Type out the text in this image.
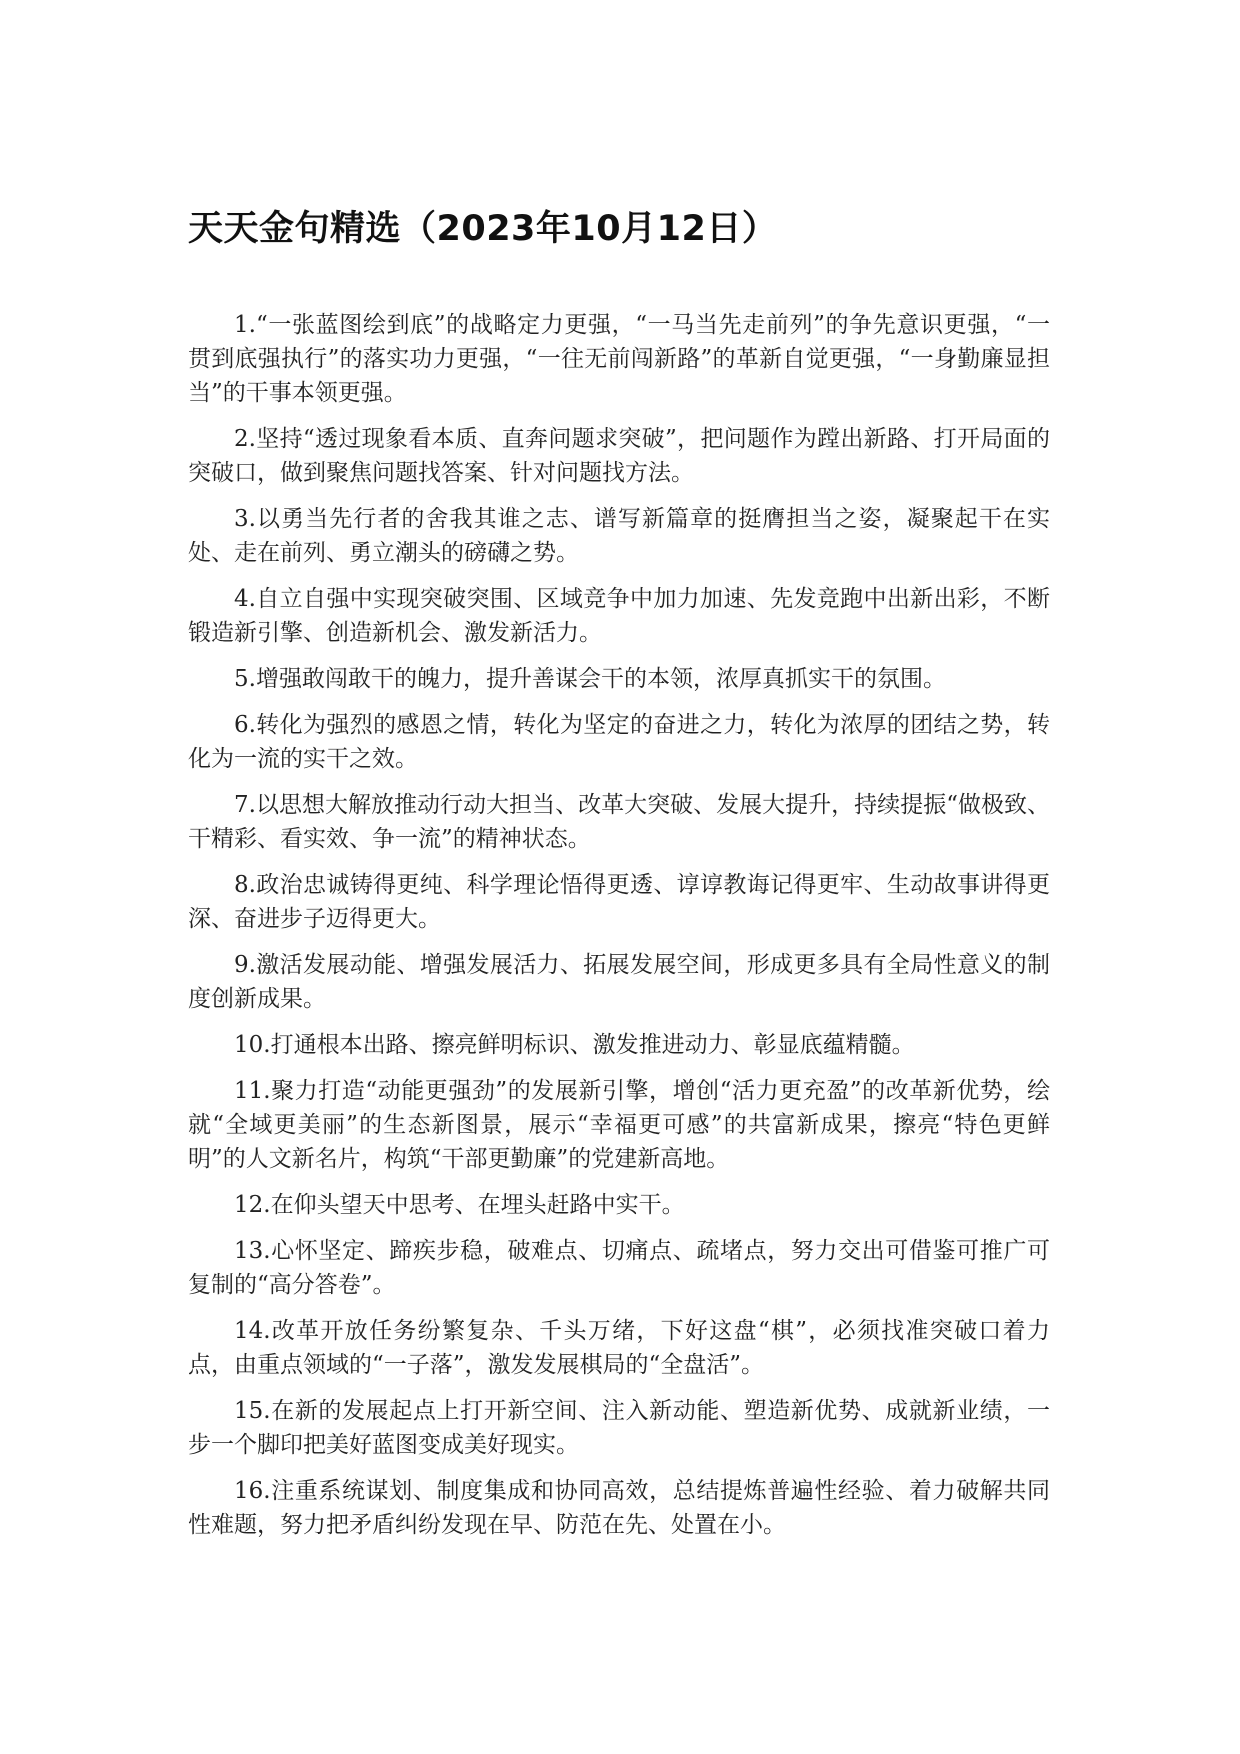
天天金句精选（2023年10月12日）

1.“一张蓝图绘到底”的战略定力更强，“一马当先走前列”的争先意识更强，“一贯到底强执行”的落实功力更强，“一往无前闯新路”的革新自觉更强，“一身勤廉显担当”的干事本领更强。

2.坚持“透过现象看本质、直奔问题求突破”，把问题作为蹚出新路、打开局面的突破口，做到聚焦问题找答案、针对问题找方法。

3.以勇当先行者的舍我其谁之志、谱写新篇章的挺膺担当之姿，凝聚起干在实处、走在前列、勇立潮头的磅礴之势。

4.自立自强中实现突破突围、区域竞争中加力加速、先发竞跑中出新出彩，不断锻造新引擎、创造新机会、激发新活力。

5.增强敢闯敢干的魄力，提升善谋会干的本领，浓厚真抓实干的氛围。

6.转化为强烈的感恩之情，转化为坚定的奋进之力，转化为浓厚的团结之势，转化为一流的实干之效。

7.以思想大解放推动行动大担当、改革大突破、发展大提升，持续提振“做极致、干精彩、看实效、争一流”的精神状态。

8.政治忠诚铸得更纯、科学理论悟得更透、谆谆教诲记得更牢、生动故事讲得更深、奋进步子迈得更大。

9.激活发展动能、增强发展活力、拓展发展空间，形成更多具有全局性意义的制度创新成果。

10.打通根本出路、擦亮鲜明标识、激发推进动力、彰显底蕴精髓。

11.聚力打造“动能更强劲”的发展新引擎，增创“活力更充盈”的改革新优势，绘就“全域更美丽”的生态新图景，展示“幸福更可感”的共富新成果，擦亮“特色更鲜明”的人文新名片，构筑“干部更勤廉”的党建新高地。

12.在仰头望天中思考、在埋头赶路中实干。

13.心怀坚定、蹄疾步稳，破难点、切痛点、疏堵点，努力交出可借鉴可推广可复制的“高分答卷”。

14.改革开放任务纷繁复杂、千头万绪，下好这盘“棋”，必须找准突破口着力点，由重点领域的“一子落”，激发发展棋局的“全盘活”。

15.在新的发展起点上打开新空间、注入新动能、塑造新优势、成就新业绩，一步一个脚印把美好蓝图变成美好现实。

16.注重系统谋划、制度集成和协同高效，总结提炼普遍性经验、着力破解共同性难题，努力把矛盾纠纷发现在早、防范在先、处置在小。
